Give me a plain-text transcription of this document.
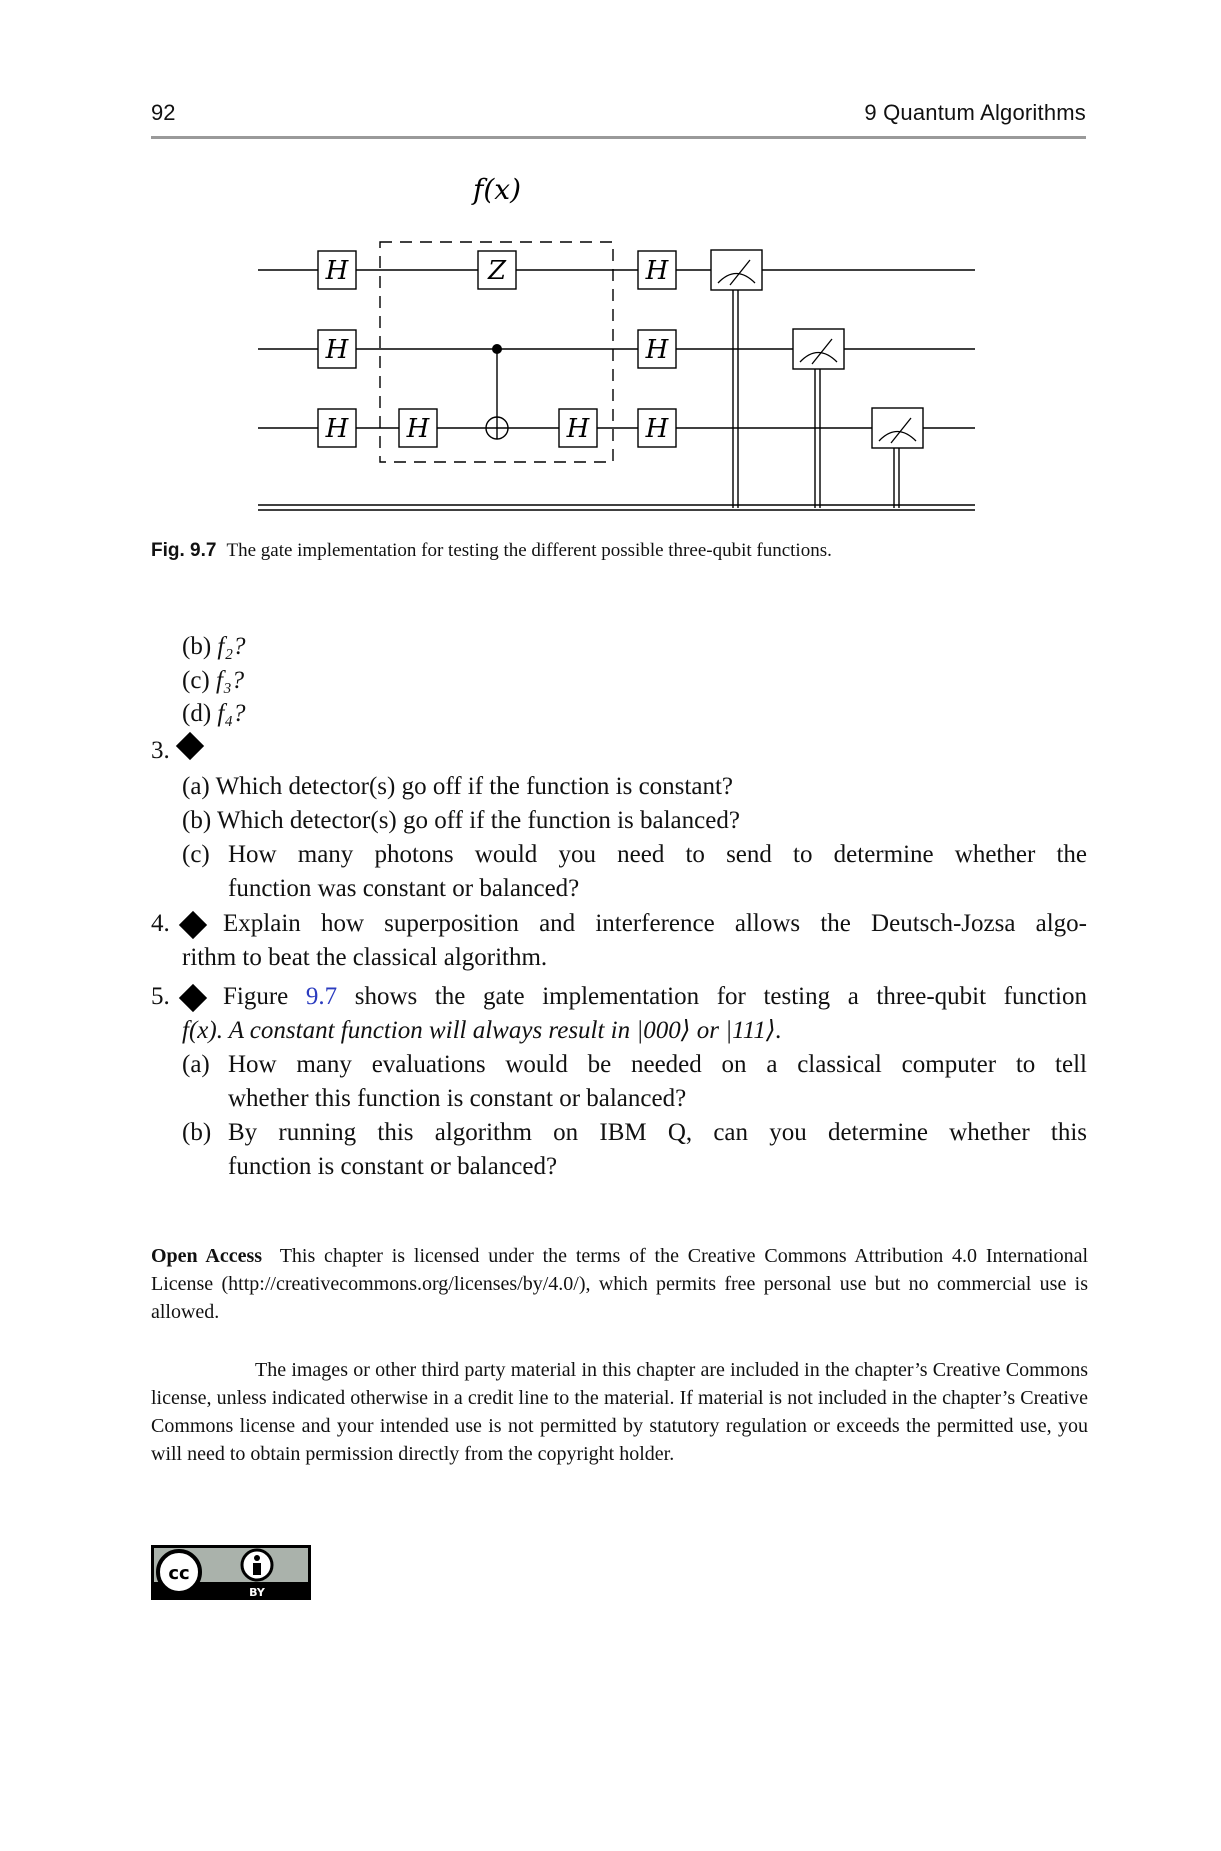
92	9 Quantum Algorithms
f(x)
H
H
H
Z
H	H
H
H
H
Fig. 9.7 The gate implementation for testing the different possible three-qubit functions.
(b) f₂?
(c) f₃?
(d) f₄?
3.
(a) Which detector(s) go off if the function is constant?
(b) Which detector(s) go off if the function is balanced?
(c) How many photons would you need to send to determine whether the
function was constant or balanced?
4. Explain how superposition and interference allows the Deutsch-Jozsa algo-
rithm to beat the classical algorithm.
5. Figure 9.7 shows the gate implementation for testing a three-qubit function
f(x). A constant function will always result in |000⟩ or |111⟩.
(a) How many evaluations would be needed on a classical computer to tell
whether this function is constant or balanced?
(b) By running this algorithm on IBM Q, can you determine whether this
function is constant or balanced?
Open Access This chapter is licensed under the terms of the Creative Commons Attribution 4.0 International License (http://creativecommons.org/licenses/by/4.0/), which permits free personal use but no commercial use is allowed.
The images or other third party material in this chapter are included in the chapter’s Creative Commons license, unless indicated otherwise in a credit line to the material. If material is not included in the chapter’s Creative Commons license and your intended use is not permitted by statutory regulation or exceeds the permitted use, you will need to obtain permission directly from the copyright holder.
cc
BY
